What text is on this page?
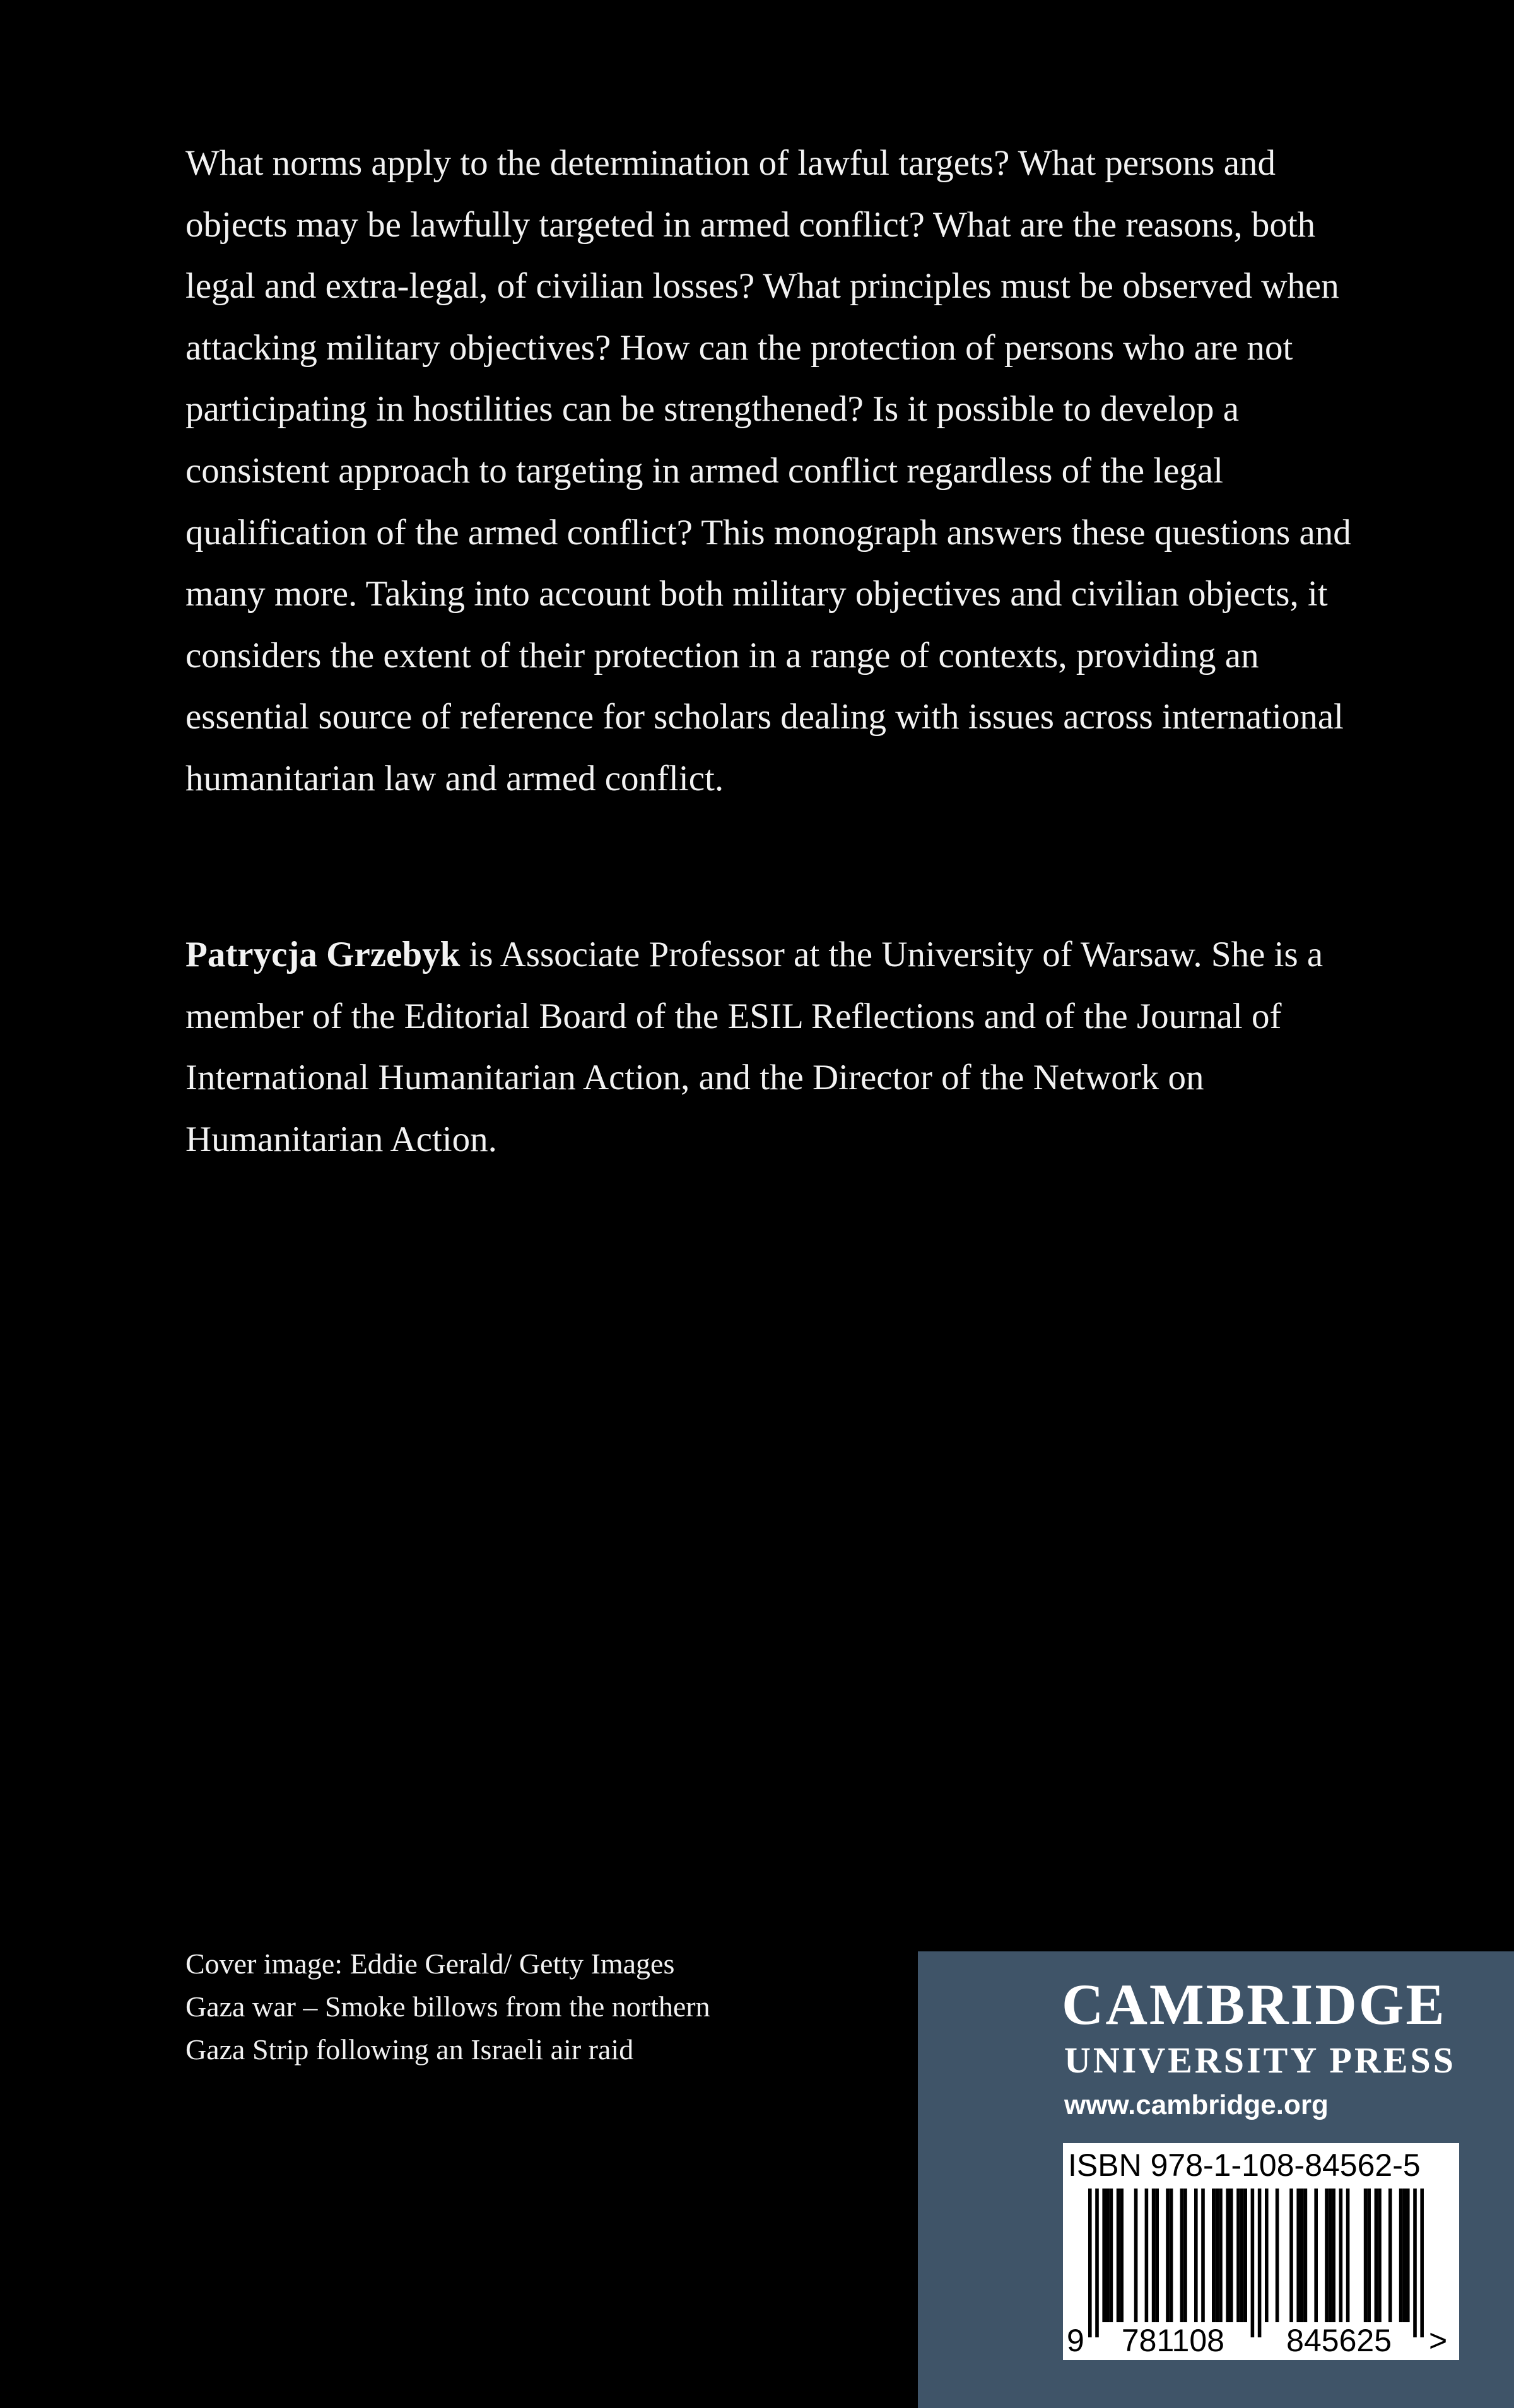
What norms apply to the determination of lawful targets? What persons and objects may be lawfully targeted in armed conflict? What are the reasons, both legal and extra-legal, of civilian losses? What principles must be observed when attacking military objectives? How can the protection of persons who are not participating in hostilities can be strengthened? Is it possible to develop a consistent approach to targeting in armed conflict regardless of the legal qualification of the armed conflict? This monograph answers these questions and many more. Taking into account both military objectives and civilian objects, it considers the extent of their protection in a range of contexts, providing an essential source of reference for scholars dealing with issues across international humanitarian law and armed conflict.

Patrycja Grzebyk is Associate Professor at the University of Warsaw. She is a member of the Editorial Board of the ESIL Reflections and of the Journal of International Humanitarian Action, and the Director of the Network on Humanitarian Action.

Cover image: Eddie Gerald/ Getty Images
Gaza war – Smoke billows from the northern
Gaza Strip following an Israeli air raid
CAMBRIDGE
UNIVERSITY PRESS
www.cambridge.org
ISBN 978-1-108-84562-5
9 781108 845625 >
